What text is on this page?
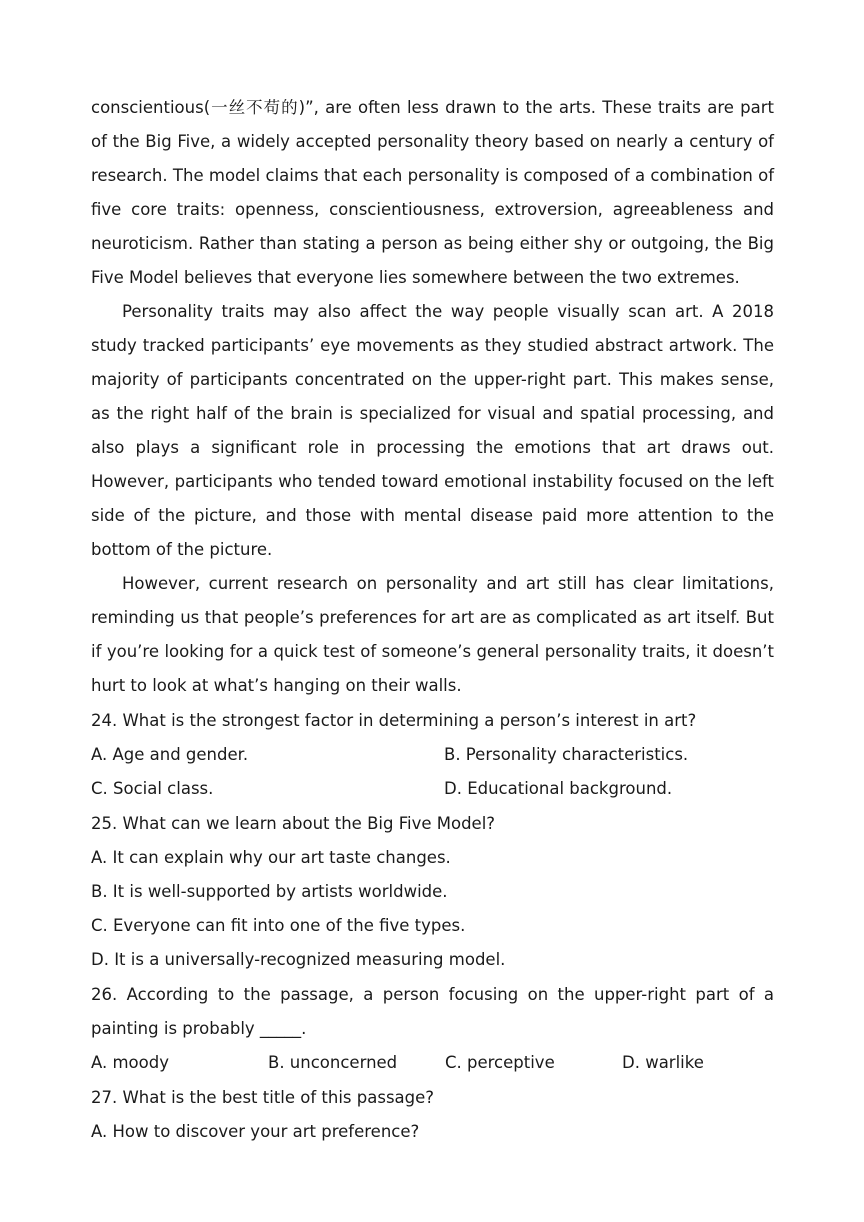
conscientious(一丝不苟的)”, are often less drawn to the arts. These traits are part of the Big Five, a widely accepted personality theory based on nearly a century of research. The model claims that each personality is composed of a combination of five core traits: openness, conscientiousness, extroversion, agreeableness and neuroticism. Rather than stating a person as being either shy or outgoing, the Big Five Model believes that everyone lies somewhere between the two extremes.

Personality traits may also affect the way people visually scan art. A 2018 study tracked participants’ eye movements as they studied abstract artwork. The majority of participants concentrated on the upper-right part. This makes sense, as the right half of the brain is specialized for visual and spatial processing, and also plays a significant role in processing the emotions that art draws out. However, participants who tended toward emotional instability focused on the left side of the picture, and those with mental disease paid more attention to the bottom of the picture.

However, current research on personality and art still has clear limitations, reminding us that people’s preferences for art are as complicated as art itself. But if you’re looking for a quick test of someone’s general personality traits, it doesn’t hurt to look at what’s hanging on their walls.

24. What is the strongest factor in determining a person’s interest in art?

A. Age and gender.	B. Personality characteristics.
C. Social class.	D. Educational background.

25. What can we learn about the Big Five Model?

A. It can explain why our art taste changes.

B. It is well-supported by artists worldwide.

C. Everyone can fit into one of the five types.

D. It is a universally-recognized measuring model.

26. According to the passage, a person focusing on the upper-right part of a painting is probably _____.

A. moody	B. unconcerned	C. perceptive	D. warlike

27. What is the best title of this passage?

A. How to discover your art preference?
